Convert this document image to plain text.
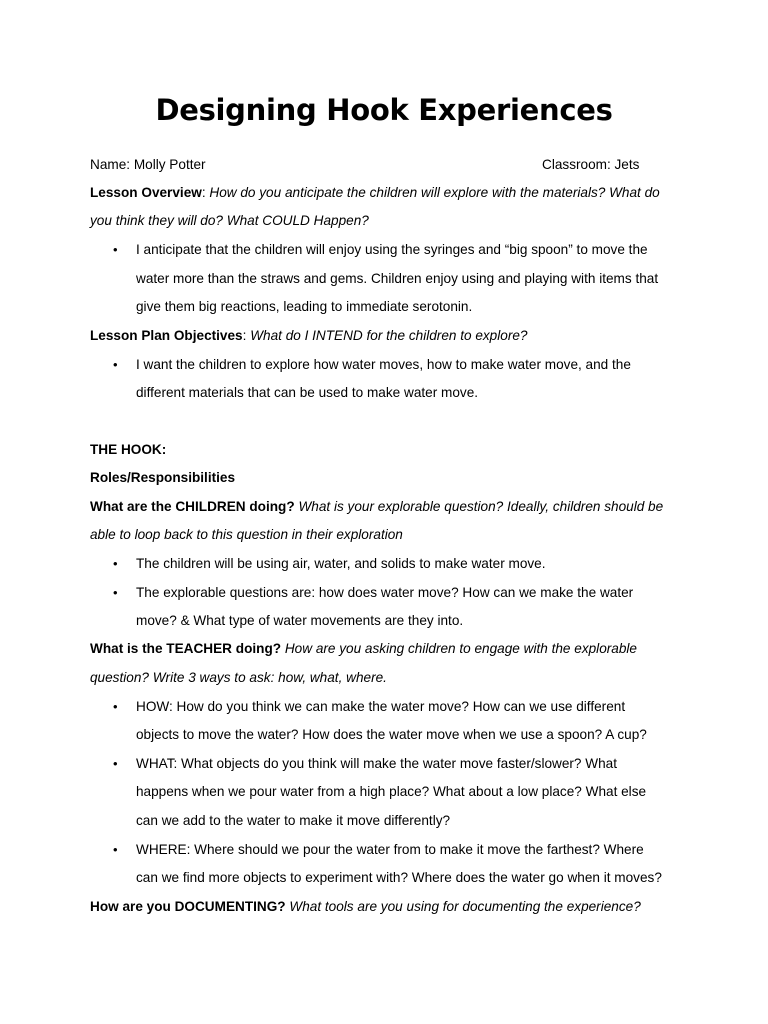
Designing Hook Experiences
Name: Molly Potter	Classroom: Jets
Lesson Overview: How do you anticipate the children will explore with the materials? What do
you think they will do? What COULD Happen?
• I anticipate that the children will enjoy using the syringes and “big spoon” to move the
water more than the straws and gems. Children enjoy using and playing with items that
give them big reactions, leading to immediate serotonin.
Lesson Plan Objectives: What do I INTEND for the children to explore?
• I want the children to explore how water moves, how to make water move, and the
different materials that can be used to make water move.
THE HOOK:
Roles/Responsibilities
What are the CHILDREN doing? What is your explorable question? Ideally, children should be
able to loop back to this question in their exploration
• The children will be using air, water, and solids to make water move.
• The explorable questions are: how does water move? How can we make the water
move? & What type of water movements are they into.
What is the TEACHER doing? How are you asking children to engage with the explorable
question? Write 3 ways to ask: how, what, where.
• HOW: How do you think we can make the water move? How can we use different
objects to move the water? How does the water move when we use a spoon? A cup?
• WHAT: What objects do you think will make the water move faster/slower? What
happens when we pour water from a high place? What about a low place? What else
can we add to the water to make it move differently?
• WHERE: Where should we pour the water from to make it move the farthest? Where
can we find more objects to experiment with? Where does the water go when it moves?
How are you DOCUMENTING? What tools are you using for documenting the experience?
